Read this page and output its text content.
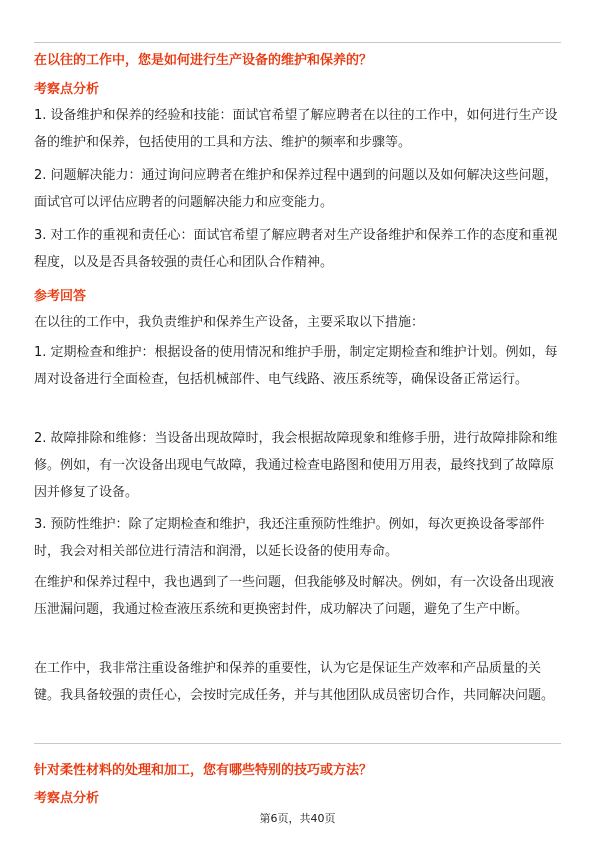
在以往的工作中，您是如何进行生产设备的维护和保养的？
考察点分析

1. 设备维护和保养的经验和技能：面试官希望了解应聘者在以往的工作中，如何进行生产设备的维护和保养，包括使用的工具和方法、维护的频率和步骤等。

2. 问题解决能力：通过询问应聘者在维护和保养过程中遇到的问题以及如何解决这些问题，面试官可以评估应聘者的问题解决能力和应变能力。

3. 对工作的重视和责任心：面试官希望了解应聘者对生产设备维护和保养工作的态度和重视程度，以及是否具备较强的责任心和团队合作精神。

参考回答

在以往的工作中，我负责维护和保养生产设备，主要采取以下措施：

1. 定期检查和维护：根据设备的使用情况和维护手册，制定定期检查和维护计划。例如，每周对设备进行全面检查，包括机械部件、电气线路、液压系统等，确保设备正常运行。

2. 故障排除和维修：当设备出现故障时，我会根据故障现象和维修手册，进行故障排除和维修。例如，有一次设备出现电气故障，我通过检查电路图和使用万用表，最终找到了故障原因并修复了设备。

3. 预防性维护：除了定期检查和维护，我还注重预防性维护。例如，每次更换设备零部件时，我会对相关部位进行清洁和润滑，以延长设备的使用寿命。

在维护和保养过程中，我也遇到了一些问题，但我能够及时解决。例如，有一次设备出现液压泄漏问题，我通过检查液压系统和更换密封件，成功解决了问题，避免了生产中断。

在工作中，我非常注重设备维护和保养的重要性，认为它是保证生产效率和产品质量的关键。我具备较强的责任心，会按时完成任务，并与其他团队成员密切合作，共同解决问题。

针对柔性材料的处理和加工，您有哪些特别的技巧或方法？
考察点分析
第6页，共40页
